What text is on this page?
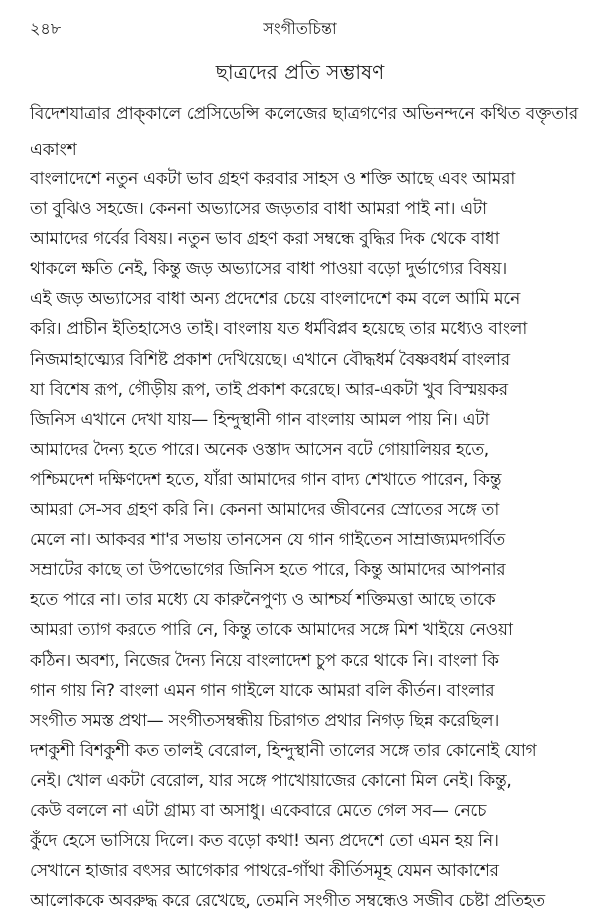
২৪৮	সংগীতচিন্তা
ছাত্রদের প্রতি সম্ভাষণ
বিদেশযাত্রার প্রাক্‌কালে প্রেসিডেন্সি কলেজের ছাত্রগণের অভিনন্দনে কথিত বক্তৃতার একাংশ
বাংলাদেশে নতুন একটা ভাব গ্রহণ করবার সাহস ও শক্তি আছে এবং আমরা
তা বুঝিও সহজে। কেননা অভ্যাসের জড়তার বাধা আমরা পাই না। এটা
আমাদের গর্বের বিষয়। নতুন ভাব গ্রহণ করা সম্বন্ধে বুদ্ধির দিক থেকে বাধা
থাকলে ক্ষতি নেই, কিন্তু জড় অভ্যাসের বাধা পাওয়া বড়ো দুর্ভাগ্যের বিষয়।
এই জড় অভ্যাসের বাধা অন্য প্রদেশের চেয়ে বাংলাদেশে কম বলে আমি মনে
করি। প্রাচীন ইতিহাসেও তাই। বাংলায় যত ধর্মবিপ্লব হয়েছে তার মধ্যেও বাংলা
নিজমাহাত্ম্যের বিশিষ্ট প্রকাশ দেখিয়েছে। এখানে বৌদ্ধধর্ম বৈষ্ণবধর্ম বাংলার
যা বিশেষ রূপ, গৌড়ীয় রূপ, তাই প্রকাশ করেছে। আর-একটা খুব বিস্ময়কর
জিনিস এখানে দেখা যায়— হিন্দুস্থানী গান বাংলায় আমল পায় নি। এটা
আমাদের দৈন্য হতে পারে। অনেক ওস্তাদ আসেন বটে গোয়ালিয়র হতে,
পশ্চিমদেশ দক্ষিণদেশ হতে, যাঁরা আমাদের গান বাদ্য শেখাতে পারেন, কিন্তু
আমরা সে-সব গ্রহণ করি নি। কেননা আমাদের জীবনের স্রোতের সঙ্গে তা
মেলে না। আকবর শা'র সভায় তানসেন যে গান গাইতেন সাম্রাজ্যমদগর্বিত
সম্রাটের কাছে তা উপভোগের জিনিস হতে পারে, কিন্তু আমাদের আপনার
হতে পারে না। তার মধ্যে যে কারুনৈপুণ্য ও আশ্চর্য শক্তিমত্তা আছে তাকে
আমরা ত্যাগ করতে পারি নে, কিন্তু তাকে আমাদের সঙ্গে মিশ খাইয়ে নেওয়া
কঠিন। অবশ্য, নিজের দৈন্য নিয়ে বাংলাদেশ চুপ করে থাকে নি। বাংলা কি
গান গায় নি? বাংলা এমন গান গাইলে যাকে আমরা বলি কীর্তন। বাংলার
সংগীত সমস্ত প্রথা— সংগীতসম্বন্ধীয় চিরাগত প্রথার নিগড় ছিন্ন করেছিল।
দশকুশী বিশকুশী কত তালই বেরোল, হিন্দুস্থানী তালের সঙ্গে তার কোনোই যোগ
নেই। খোল একটা বেরোল, যার সঙ্গে পাখোয়াজের কোনো মিল নেই। কিন্তু,
কেউ বললে না এটা গ্রাম্য বা অসাধু। একেবারে মেতে গেল সব— নেচে
কুঁদে হেসে ভাসিয়ে দিলে। কত বড়ো কথা! অন্য প্রদেশে তো এমন হয় নি।
সেখানে হাজার বৎসর আগেকার পাথরে-গাঁথা কীর্তিসমূহ যেমন আকাশের
আলোককে অবরুদ্ধ করে রেখেছে, তেমনি সংগীত সম্বন্ধেও সজীব চেষ্টা প্রতিহত
